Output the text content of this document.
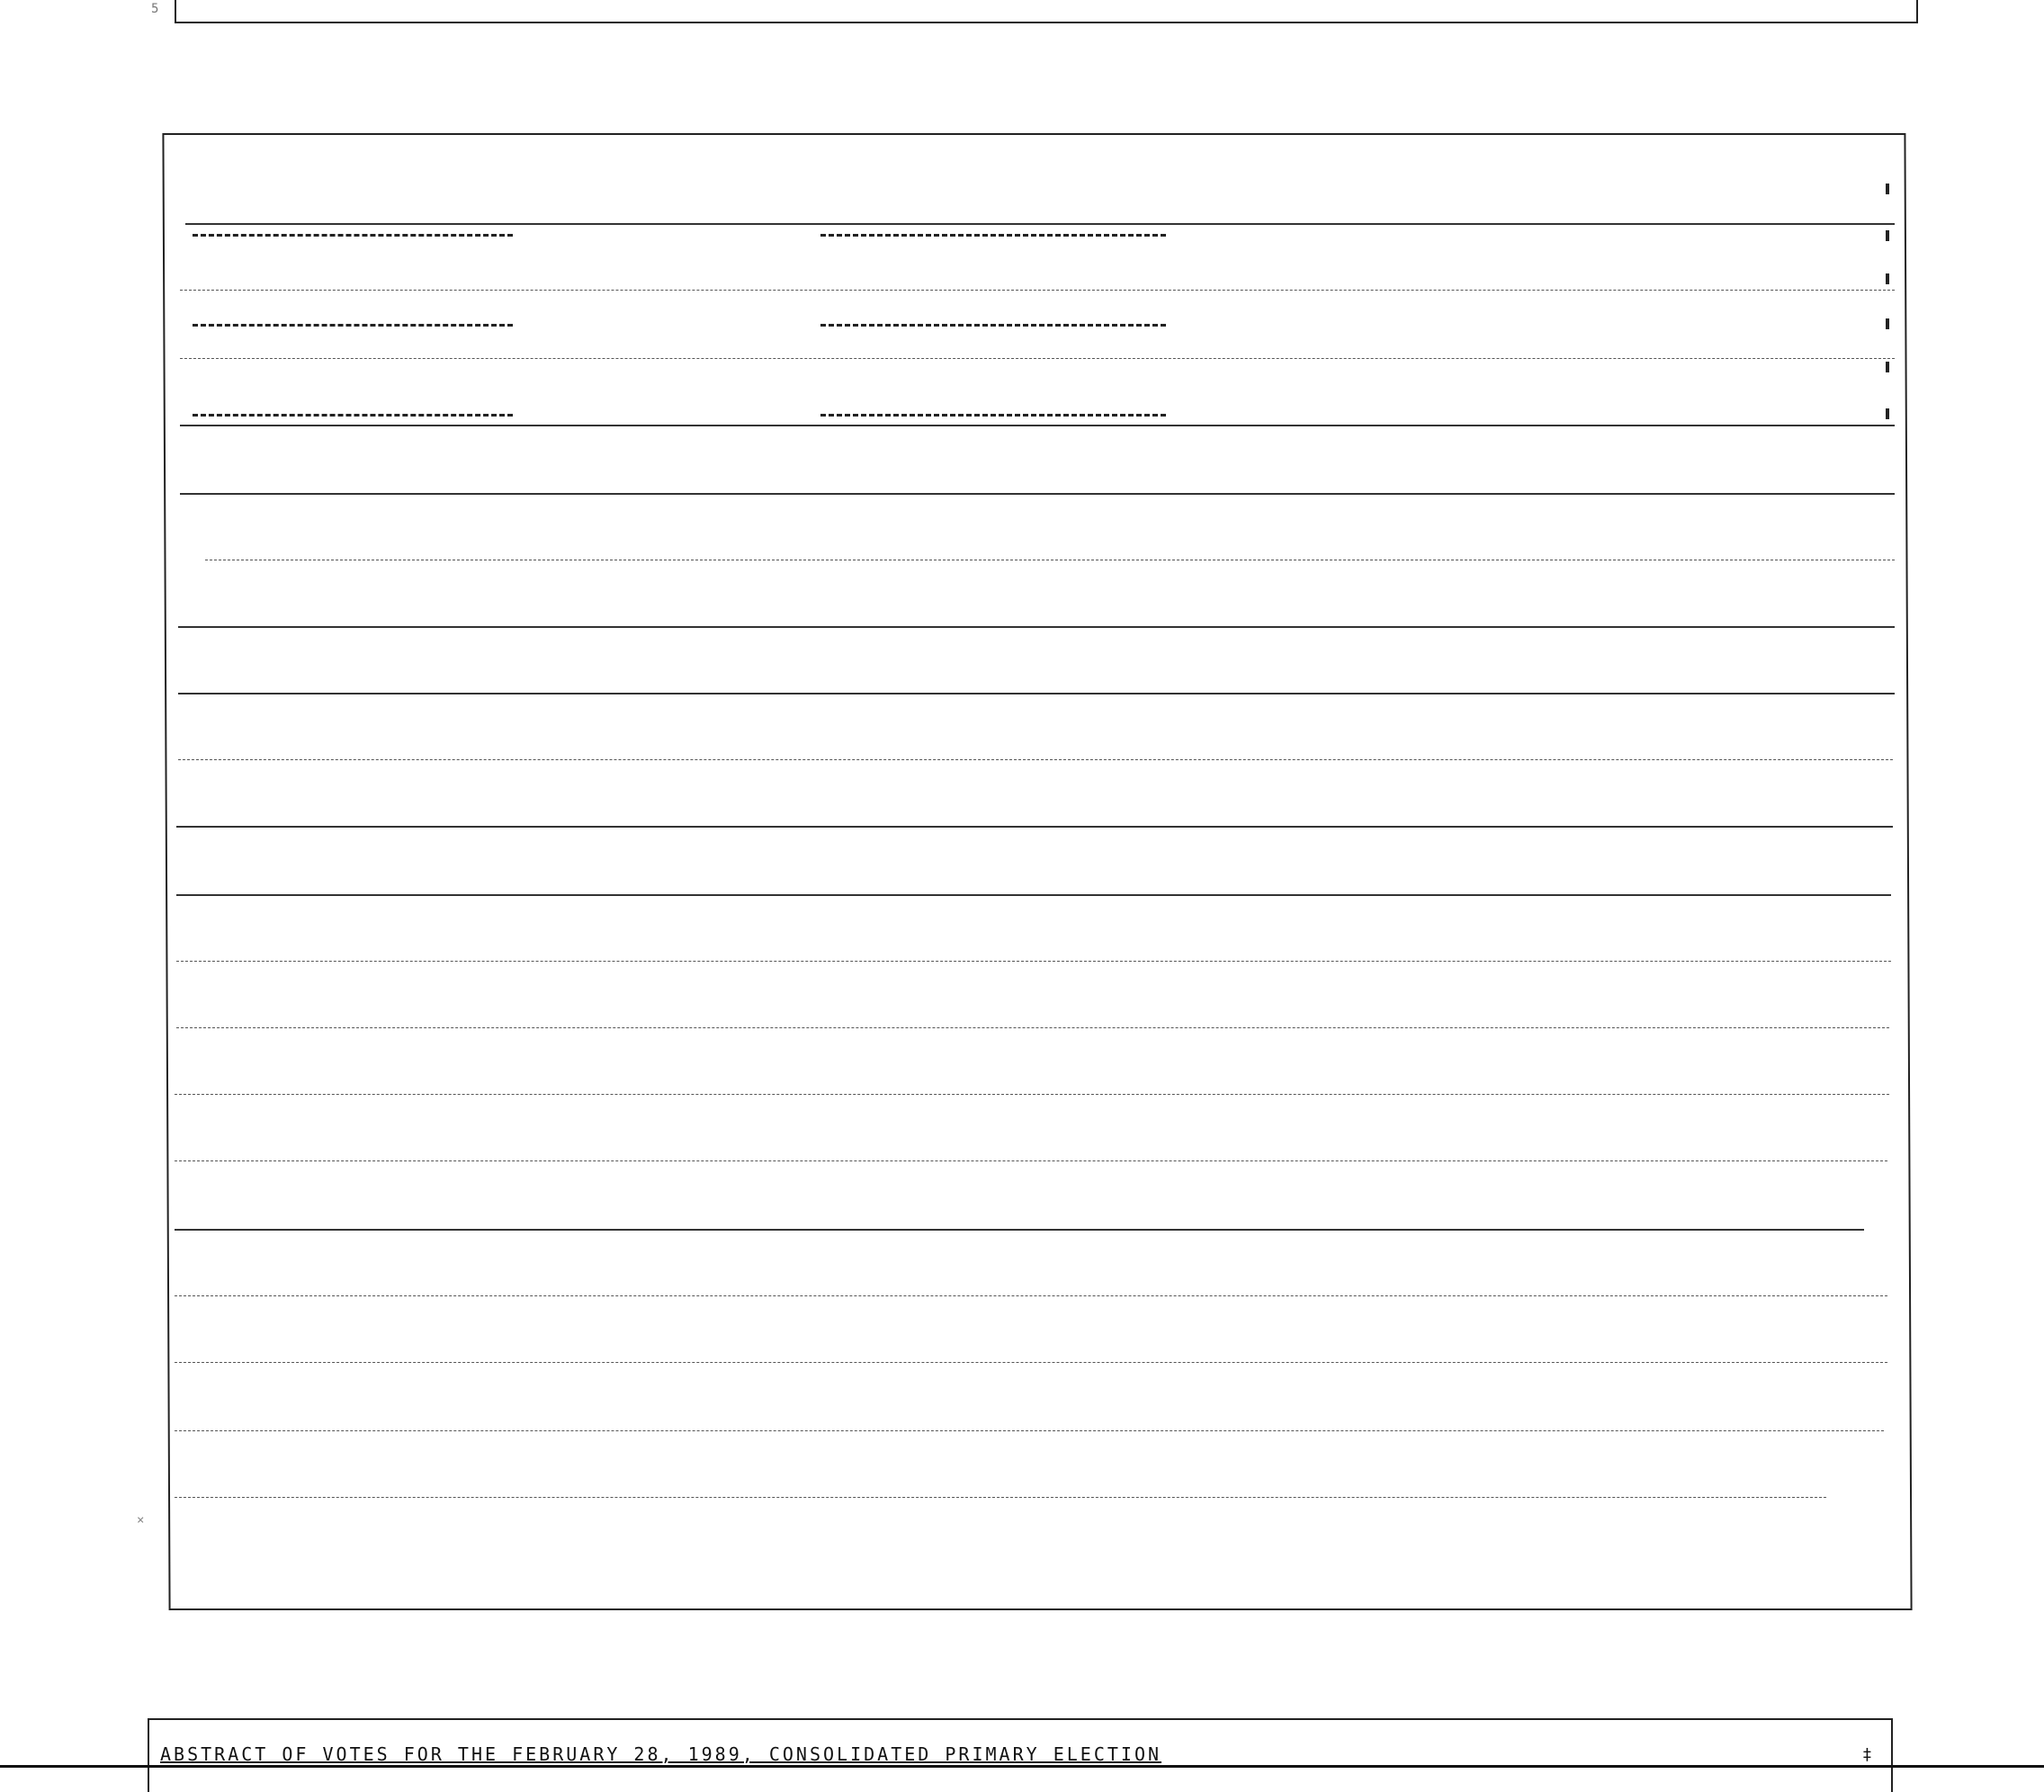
5
×
ABSTRACT OF VOTES FOR THE FEBRUARY 28, 1989, CONSOLIDATED PRIMARY ELECTION	‡
